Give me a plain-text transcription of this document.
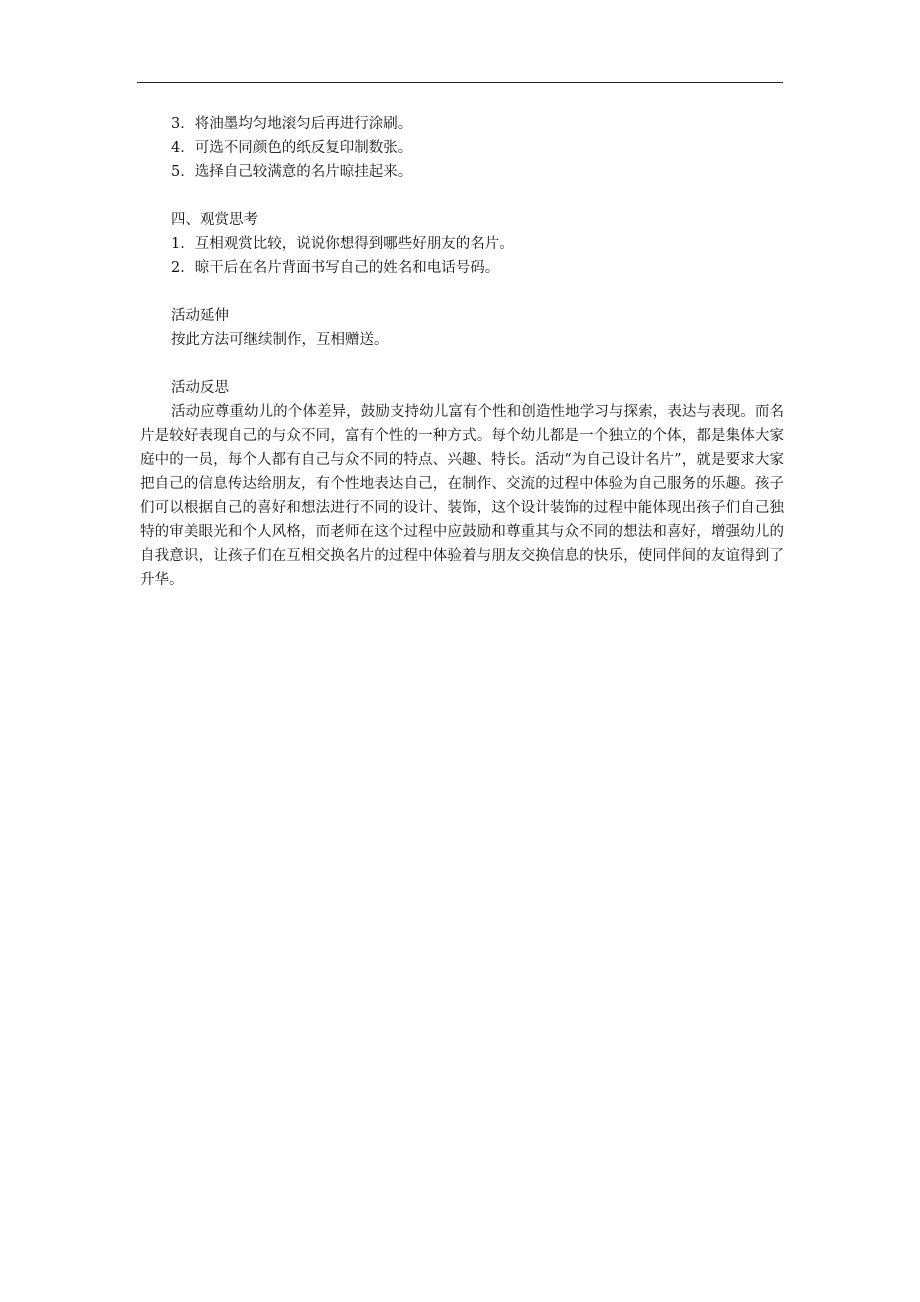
3．将油墨均匀地滚匀后再进行涂刷。

4．可选不同颜色的纸反复印制数张。

5．选择自己较满意的名片晾挂起来。

四、观赏思考

1．互相观赏比较，说说你想得到哪些好朋友的名片。

2．晾干后在名片背面书写自己的姓名和电话号码。

活动延伸

按此方法可继续制作，互相赠送。

活动反思

活动应尊重幼儿的个体差异，鼓励支持幼儿富有个性和创造性地学习与探索，表达与表现。而名片是较好表现自己的与众不同，富有个性的一种方式。每个幼儿都是一个独立的个体，都是集体大家庭中的一员，每个人都有自己与众不同的特点、兴趣、特长。活动“为自己设计名片”，就是要求大家把自己的信息传达给朋友，有个性地表达自己，在制作、交流的过程中体验为自己服务的乐趣。孩子们可以根据自己的喜好和想法进行不同的设计、装饰，这个设计装饰的过程中能体现出孩子们自己独特的审美眼光和个人风格，而老师在这个过程中应鼓励和尊重其与众不同的想法和喜好，增强幼儿的自我意识，让孩子们在互相交换名片的过程中体验着与朋友交换信息的快乐，使同伴间的友谊得到了升华。
